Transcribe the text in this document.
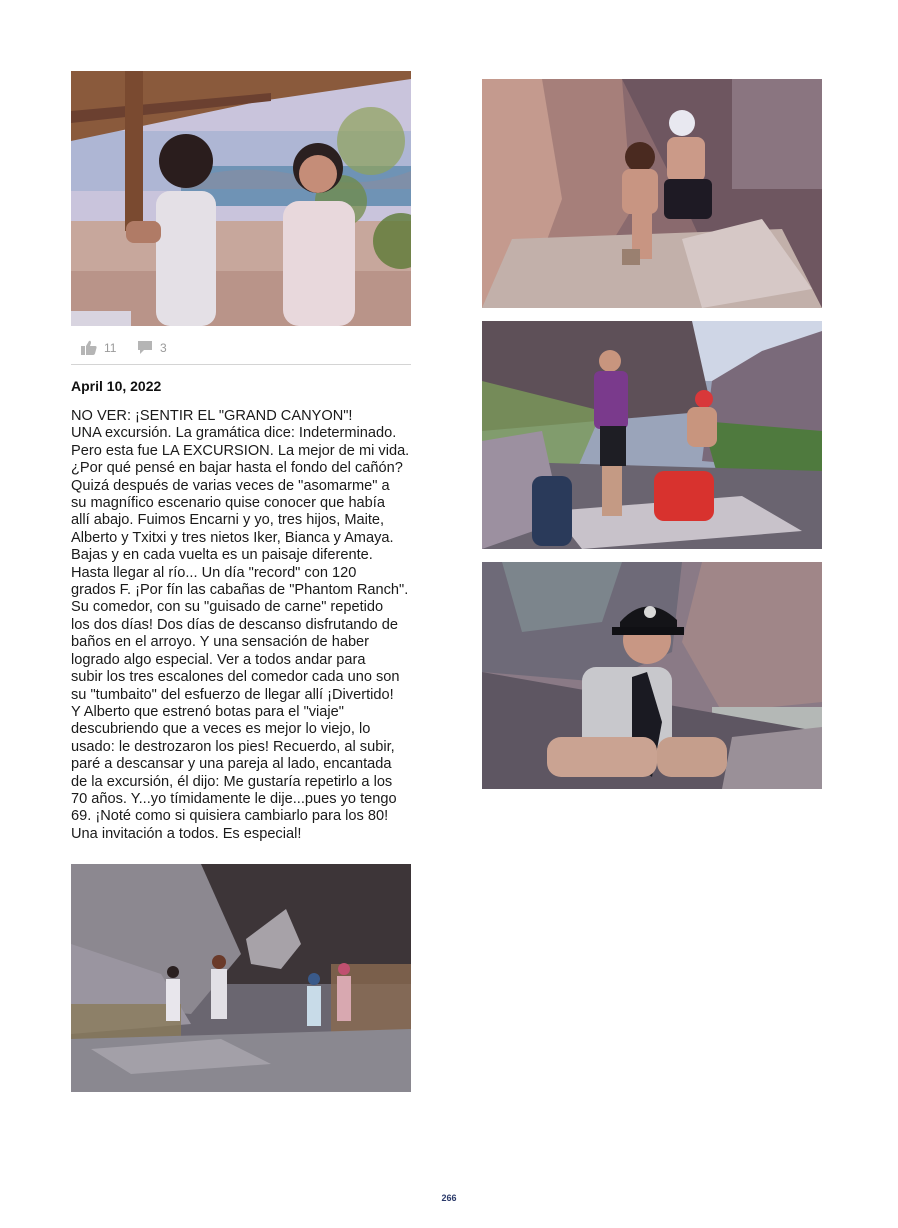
11	3
April 10, 2022
NO VER: ¡SENTIR EL "GRAND CANYON"!
UNA excursión. La gramática dice: Indeterminado.
Pero esta fue LA EXCURSION. La mejor de mi vida.
¿Por qué pensé en bajar hasta el fondo del cañón?
Quizá después de varias veces de "asomarme" a
su magnífico escenario quise conocer que había
allí abajo. Fuimos Encarni y yo, tres hijos, Maite,
Alberto y Txitxi y tres nietos Iker, Bianca y Amaya.
Bajas y en cada vuelta es un paisaje diferente.
Hasta llegar al río... Un día "record" con 120
grados F. ¡Por fín las cabañas de "Phantom Ranch".
Su comedor, con su "guisado de carne" repetido
los dos días! Dos días de descanso disfrutando de
baños en el arroyo. Y una sensación de haber
logrado algo especial. Ver a todos andar para
subir los tres escalones del comedor cada uno son
su "tumbaito" del esfuerzo de llegar allí ¡Divertido!
Y Alberto que estrenó botas para el "viaje"
descubriendo que a veces es mejor lo viejo, lo
usado: le destrozaron los pies! Recuerdo, al subir,
paré a descansar y una pareja al lado, encantada
de la excursión, él dijo: Me gustaría repetirlo a los
70 años. Y...yo tímidamente le dije...pues yo tengo
69. ¡Noté como si quisiera cambiarlo para los 80!
Una invitación a todos. Es especial!
266
